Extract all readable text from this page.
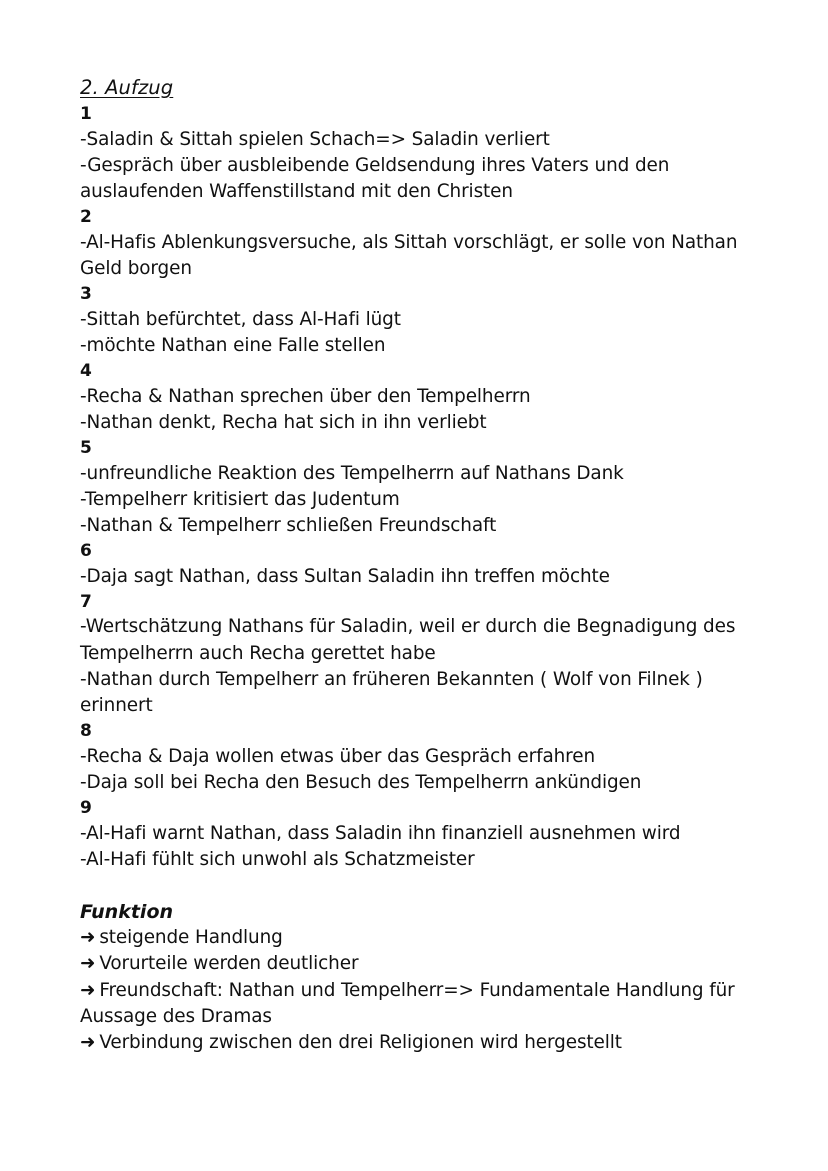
2. Aufzug

1

-Saladin & Sittah spielen Schach=> Saladin verliert

-Gespräch über ausbleibende Geldsendung ihres Vaters und den auslaufenden Waffenstillstand mit den Christen

2

-Al-Hafis Ablenkungsversuche, als Sittah vorschlägt, er solle von Nathan Geld borgen

3

-Sittah befürchtet, dass Al-Hafi lügt

-möchte Nathan eine Falle stellen

4

-Recha & Nathan sprechen über den Tempelherrn

-Nathan denkt, Recha hat sich in ihn verliebt

5

-unfreundliche Reaktion des Tempelherrn auf Nathans Dank

-Tempelherr kritisiert das Judentum

-Nathan & Tempelherr schließen Freundschaft

6

-Daja sagt Nathan, dass Sultan Saladin ihn treffen möchte

7

-Wertschätzung Nathans für Saladin, weil er durch die Begnadigung des Tempelherrn auch Recha gerettet habe

-Nathan durch Tempelherr an früheren Bekannten ( Wolf von Filnek ) erinnert

8

-Recha & Daja wollen etwas über das Gespräch erfahren

-Daja soll bei Recha den Besuch des Tempelherrn ankündigen

9

-Al-Hafi warnt Nathan, dass Saladin ihn finanziell ausnehmen wird

-Al-Hafi fühlt sich unwohl als Schatzmeister

Funktion

➜ steigende Handlung

➜ Vorurteile werden deutlicher

➜ Freundschaft: Nathan und Tempelherr=> Fundamentale Handlung für Aussage des Dramas

➜ Verbindung zwischen den drei Religionen wird hergestellt
